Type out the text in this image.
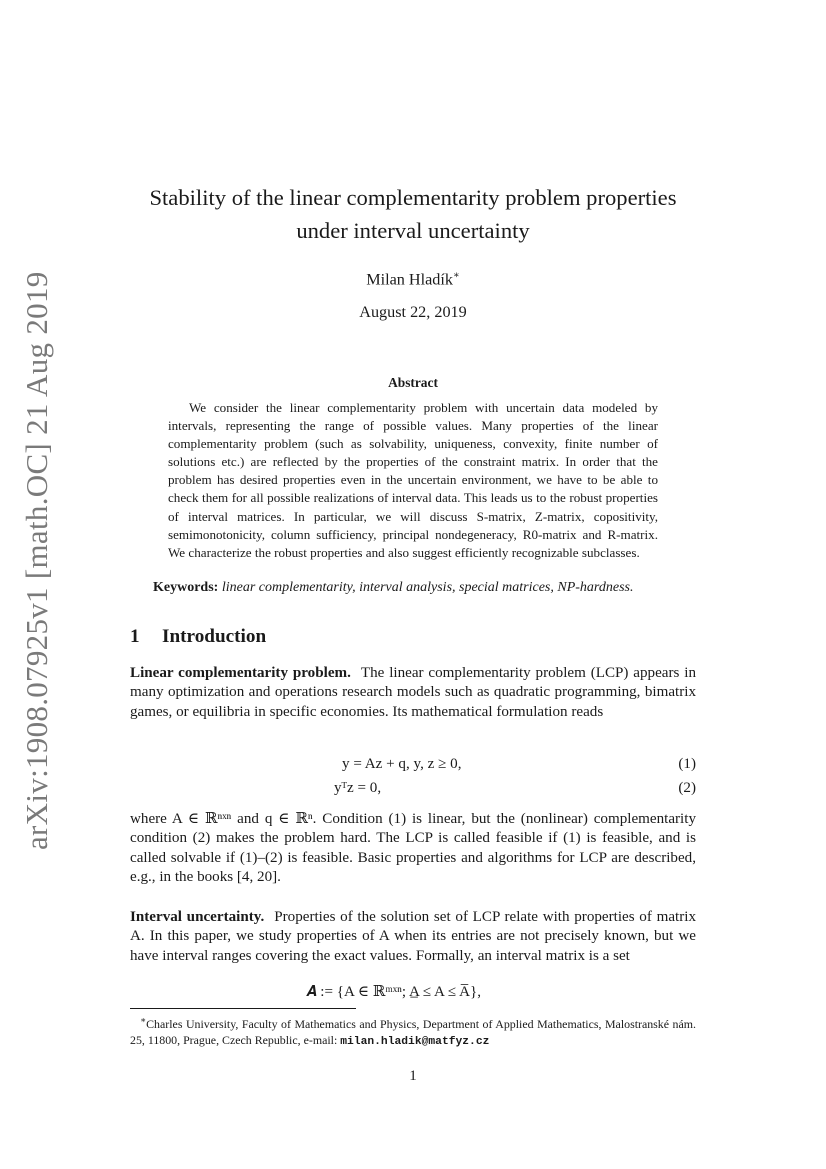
arXiv:1908.07925v1 [math.OC] 21 Aug 2019
Stability of the linear complementarity problem properties
under interval uncertainty
Milan Hladík∗
August 22, 2019
Abstract
We consider the linear complementarity problem with uncertain data modeled by intervals, representing the range of possible values. Many properties of the linear complementarity problem (such as solvability, uniqueness, convexity, finite number of solutions etc.) are reflected by the properties of the constraint matrix. In order that the problem has desired properties even in the uncertain environment, we have to be able to check them for all possible realizations of interval data. This leads us to the robust properties of interval matrices. In particular, we will discuss S-matrix, Z-matrix, copositivity, semimonotonicity, column sufficiency, principal nondegeneracy, R0-matrix and R-matrix. We characterize the robust properties and also suggest efficiently recognizable subclasses.
Keywords: linear complementarity, interval analysis, special matrices, NP-hardness.
1 Introduction
Linear complementarity problem. The linear complementarity problem (LCP) appears in many optimization and operations research models such as quadratic programming, bimatrix games, or equilibria in specific economies. Its mathematical formulation reads
y = Az + q, y, z ≥ 0,	(1)
yᵀz = 0,	(2)
where A ∈ ℝⁿˣⁿ and q ∈ ℝⁿ. Condition (1) is linear, but the (nonlinear) complementarity condition (2) makes the problem hard. The LCP is called feasible if (1) is feasible, and is called solvable if (1)–(2) is feasible. Basic properties and algorithms for LCP are described, e.g., in the books [4, 20].
Interval uncertainty. Properties of the solution set of LCP relate with properties of matrix A. In this paper, we study properties of A when its entries are not precisely known, but we have interval ranges covering the exact values. Formally, an interval matrix is a set
𝑨 := {A ∈ ℝᵐˣⁿ; A̲ ≤ A ≤ A̅},
∗Charles University, Faculty of Mathematics and Physics, Department of Applied Mathematics, Malostranské nám. 25, 11800, Prague, Czech Republic, e-mail: milan.hladik@matfyz.cz
1
